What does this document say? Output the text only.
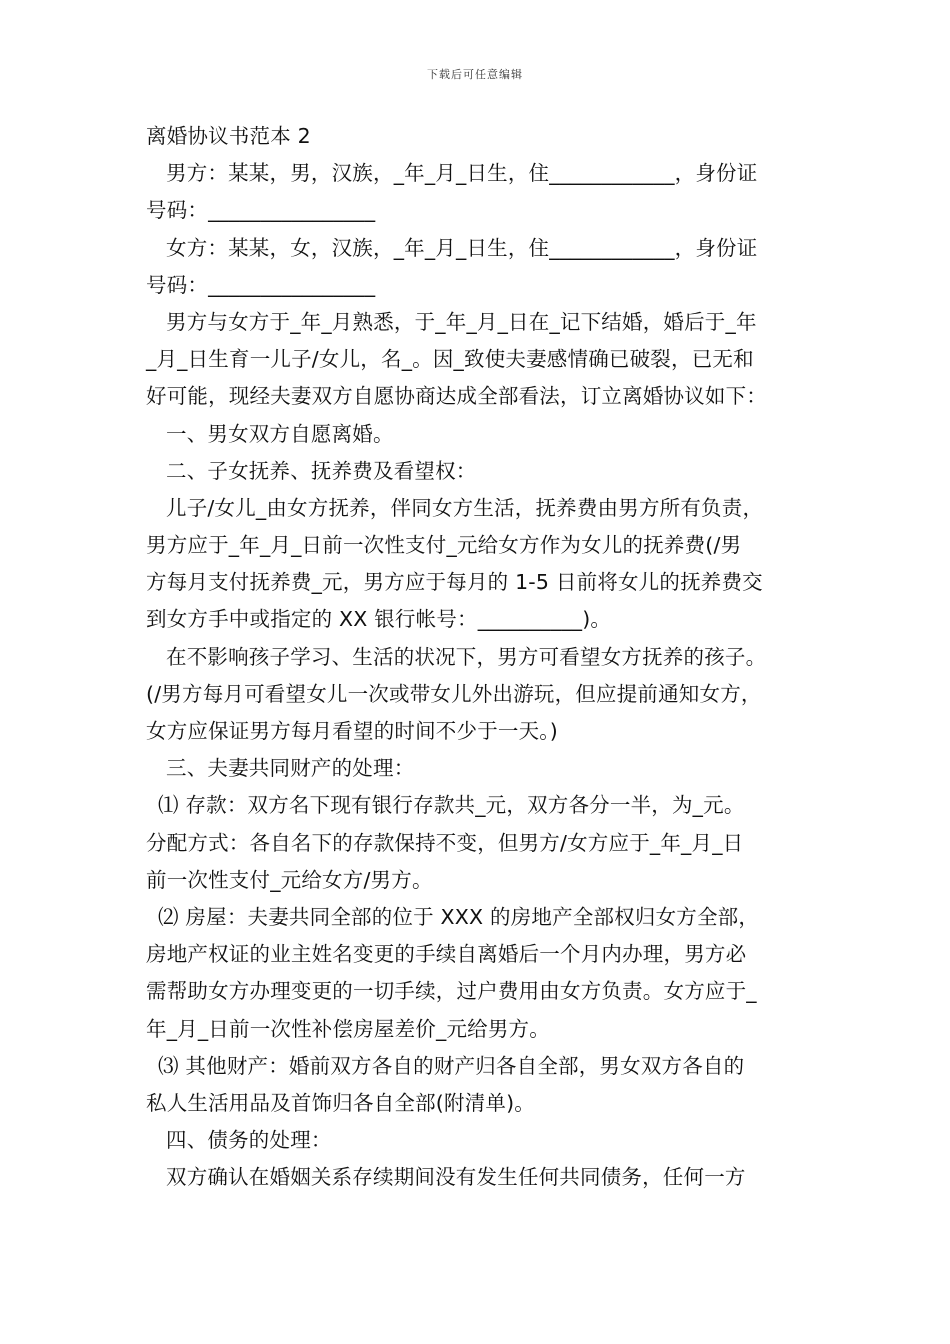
下载后可任意编辑
离婚协议书范本 2
男方：某某，男，汉族，_年_月_日生，住____________，身份证
号码：________________
女方：某某，女，汉族，_年_月_日生，住____________，身份证
号码：________________
男方与女方于_年_月熟悉，于_年_月_日在_记下结婚，婚后于_年
_月_日生育一儿子/女儿，名_。因_致使夫妻感情确已破裂，已无和
好可能，现经夫妻双方自愿协商达成全部看法，订立离婚协议如下：
一、男女双方自愿离婚。
二、子女抚养、抚养费及看望权：
儿子/女儿_由女方抚养，伴同女方生活，抚养费由男方所有负责，
男方应于_年_月_日前一次性支付_元给女方作为女儿的抚养费(/男
方每月支付抚养费_元，男方应于每月的 1-5 日前将女儿的抚养费交
到女方手中或指定的 XX 银行帐号：__________)。
在不影响孩子学习、生活的状况下，男方可看望女方抚养的孩子。
(/男方每月可看望女儿一次或带女儿外出游玩，但应提前通知女方，
女方应保证男方每月看望的时间不少于一天。)
三、夫妻共同财产的处理：
⑴ 存款：双方名下现有银行存款共_元，双方各分一半，为_元。
分配方式：各自名下的存款保持不变，但男方/女方应于_年_月_日
前一次性支付_元给女方/男方。
⑵ 房屋：夫妻共同全部的位于 XXX 的房地产全部权归女方全部，
房地产权证的业主姓名变更的手续自离婚后一个月内办理，男方必
需帮助女方办理变更的一切手续，过户费用由女方负责。女方应于_
年_月_日前一次性补偿房屋差价_元给男方。
⑶ 其他财产：婚前双方各自的财产归各自全部，男女双方各自的
私人生活用品及首饰归各自全部(附清单)。
四、债务的处理：
双方确认在婚姻关系存续期间没有发生任何共同债务，任何一方
